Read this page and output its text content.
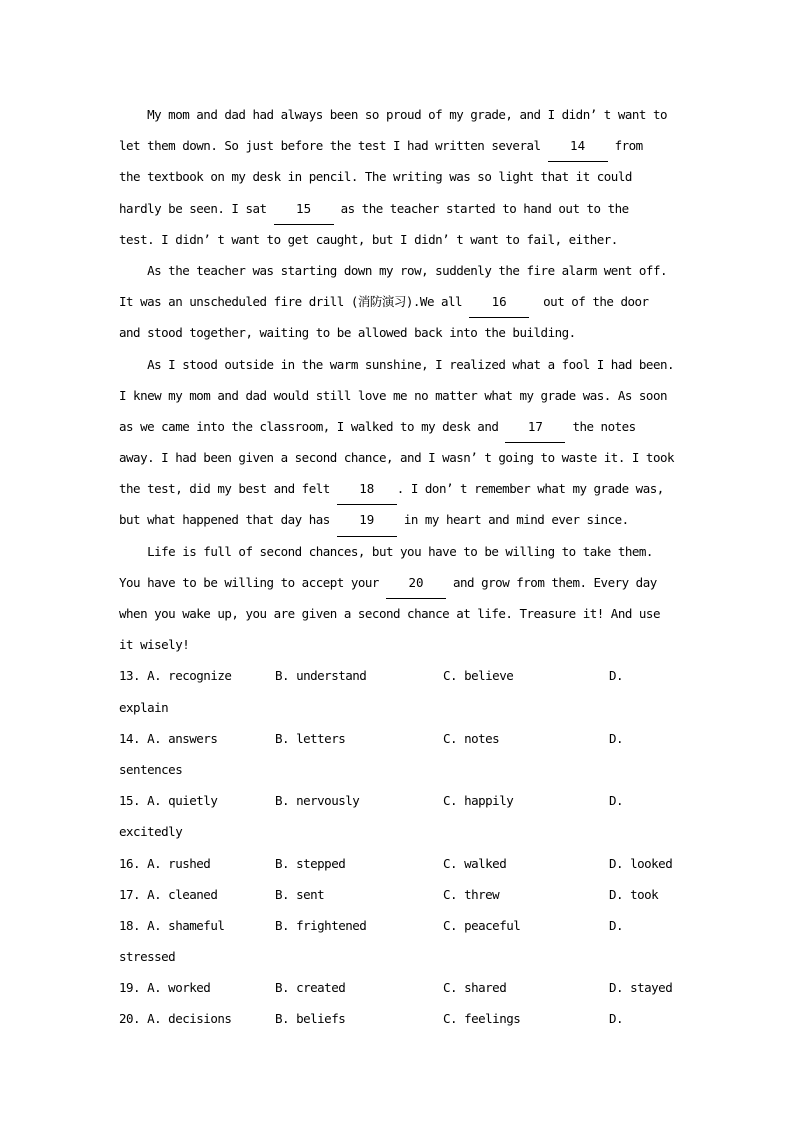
My mom and dad had always been so proud of my grade, and I didn’ t want to
let them down. So just before the test I had written several 14 from
the textbook on my desk in pencil. The writing was so light that it could
hardly be seen. I sat 15 as the teacher started to hand out to the
test. I didn’ t want to get caught, but I didn’ t want to fail, either.
As the teacher was starting down my row, suddenly the fire alarm went off.
It was an unscheduled fire drill (消防演习).We all 16  out of the door
and stood together, waiting to be allowed back into the building.
As I stood outside in the warm sunshine, I realized what a fool I had been.
I knew my mom and dad would still love me no matter what my grade was. As soon
as we came into the classroom, I walked to my desk and 17 the notes
away. I had been given a second chance, and I wasn’ t going to waste it. I took
the test, did my best and felt 18 . I don’ t remember what my grade was,
but what happened that day has 19 in my heart and mind ever since.
Life is full of second chances, but you have to be willing to take them.
You have to be willing to accept your 20 and grow from them. Every day
when you wake up, you are given a second chance at life. Treasure it! And use
it wisely!
13. A. recognize	B. understand	C. believe	D.
explain
14. A. answers	B. letters	C. notes	D.
sentences
15. A. quietly	B. nervously	C. happily	D.
excitedly
16. A. rushed	B. stepped	C. walked	D. looked
17. A. cleaned	B. sent	C. threw	D. took
18. A. shameful	B. frightened	C. peaceful	D.
stressed
19. A. worked	B. created	C. shared	D. stayed
20. A. decisions	B. beliefs	C. feelings	D.
